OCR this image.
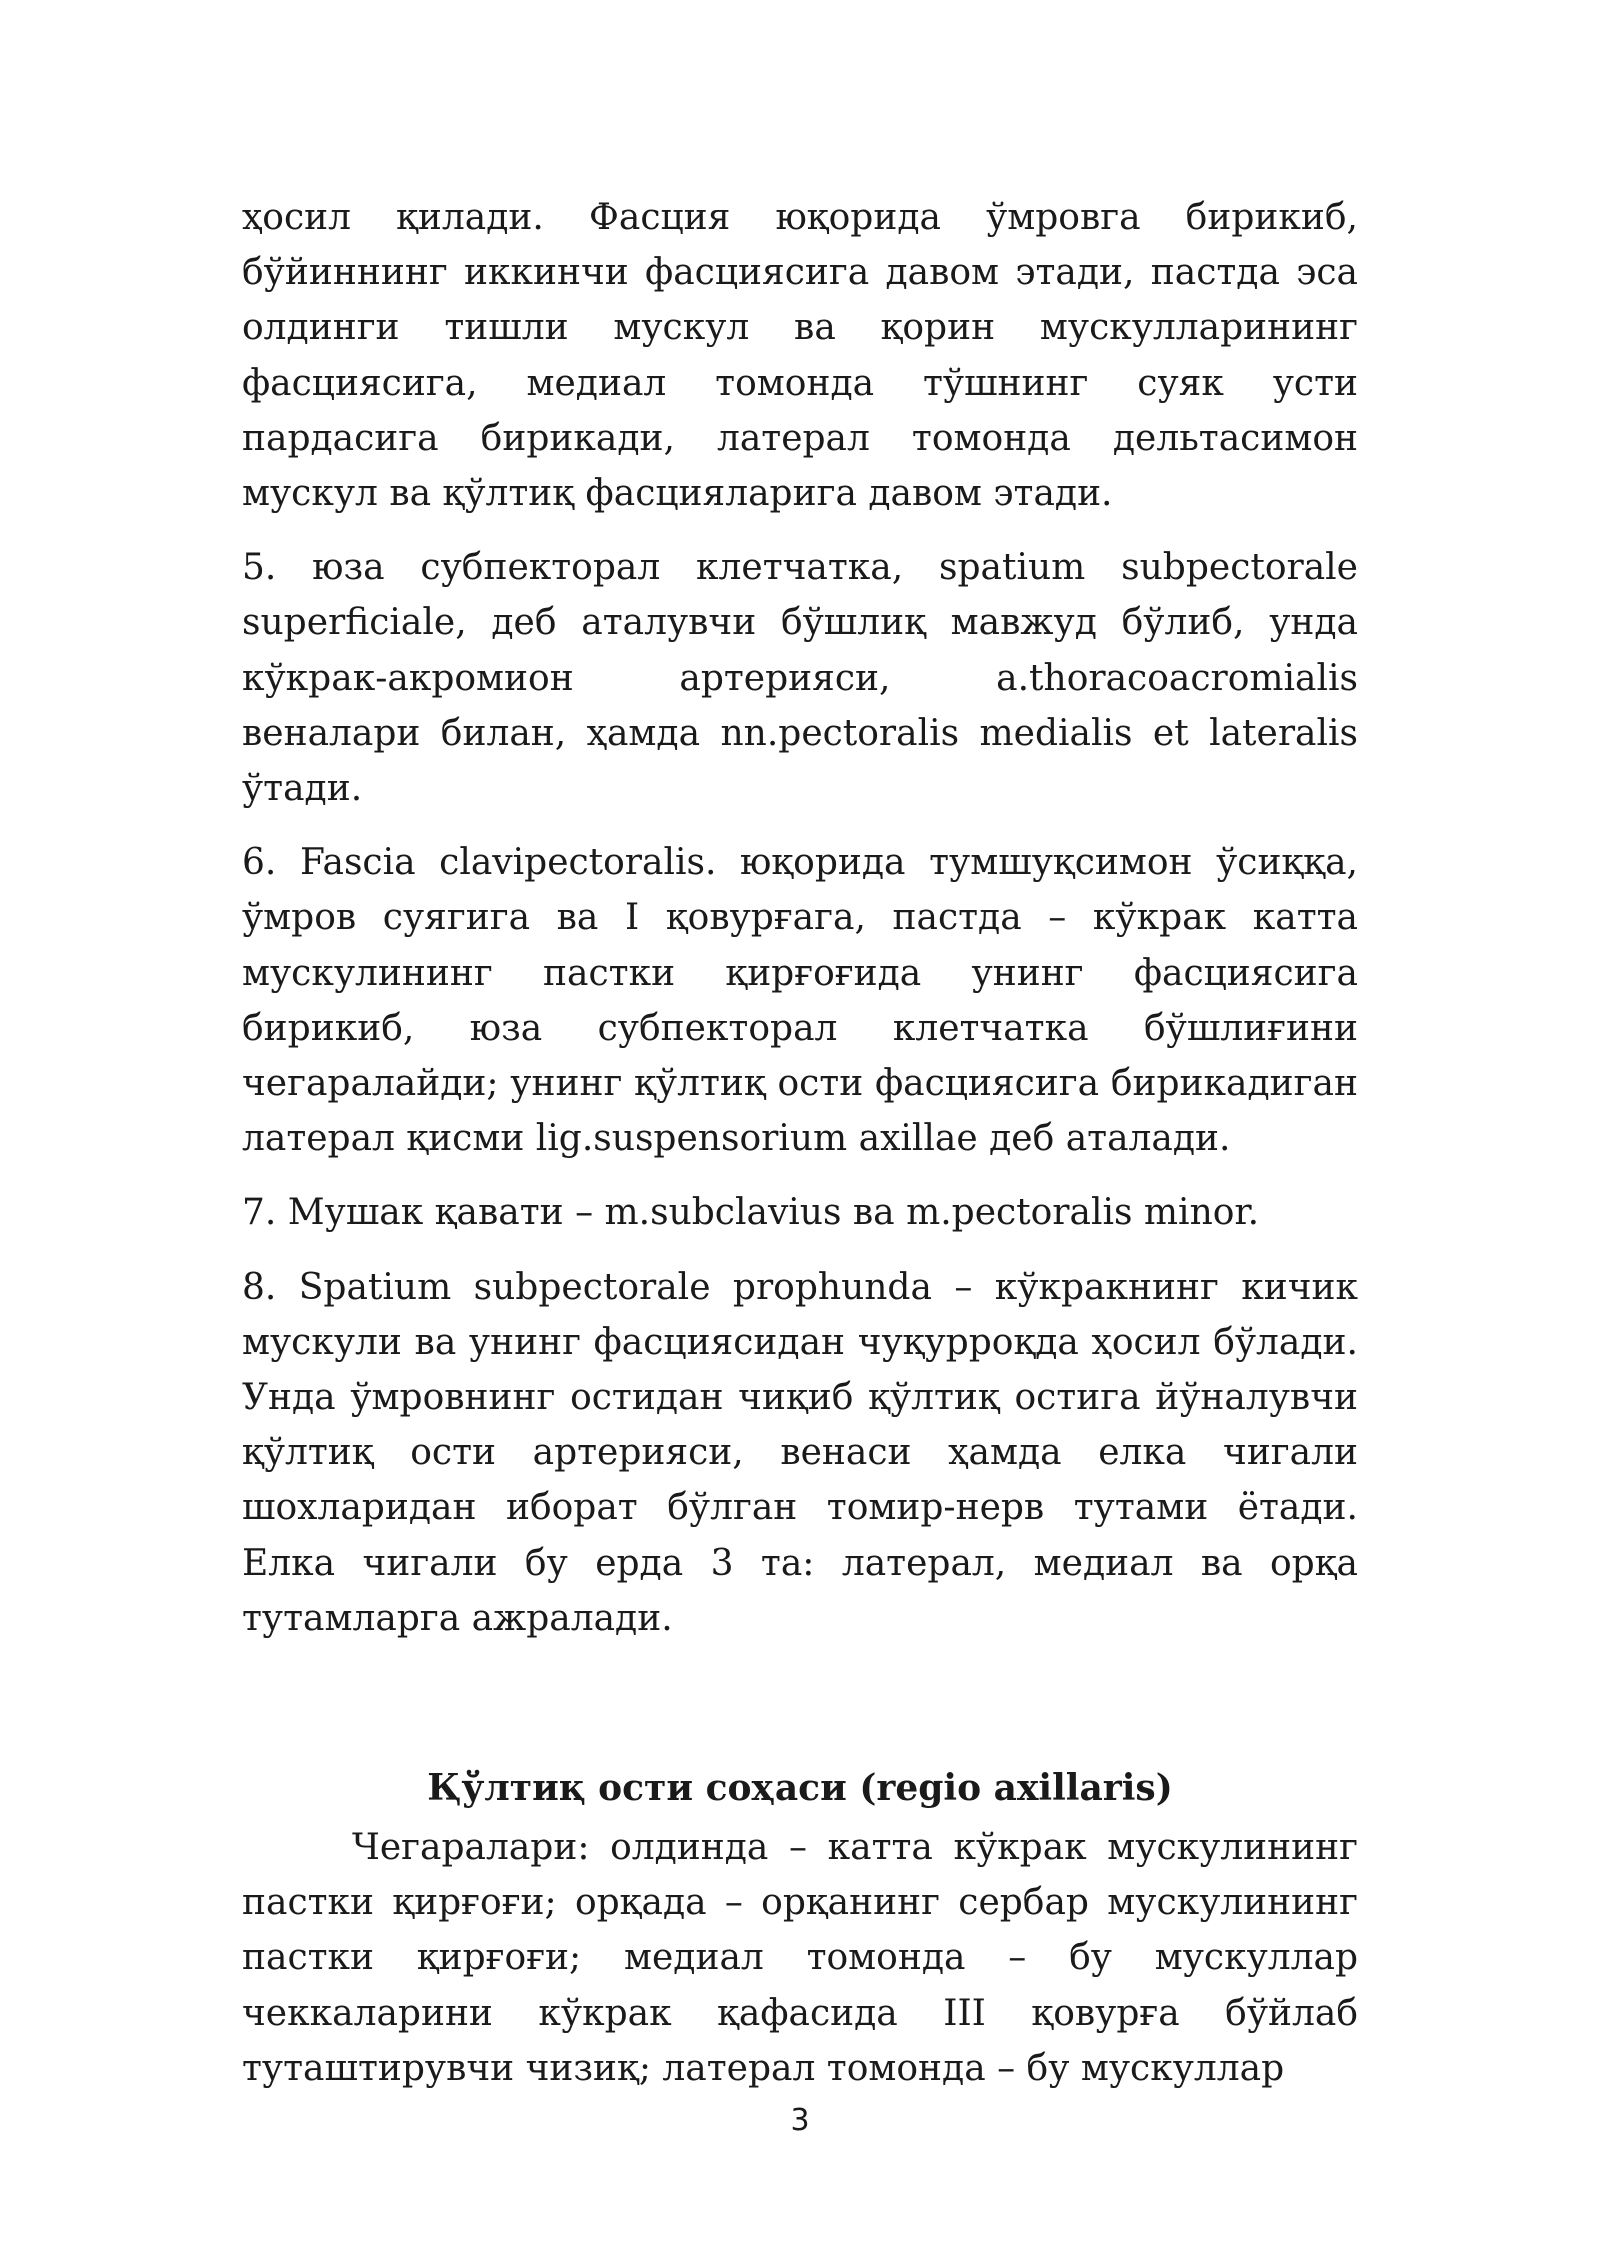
ҳосил қилади. Фасция юқорида ўмровга бирикиб, бўйиннинг иккинчи фасциясига давом этади, пастда эса олдинги тишли мускул ва қорин мускулларининг фасциясига, медиал томонда тўшнинг суяк усти пардасига бирикади, латерал томонда дельтасимон мускул ва қўлтиқ фасцияларига давом этади.

5. юза субпекторал клетчатка, spatium subpectorale superficiale, деб аталувчи бўшлиқ мавжуд бўлиб, унда кўкрак-акромион артерияси, a.thoracoacromialis веналари билан, ҳамда nn.pectoralis medialis et lateralis ўтади.

6. Fascia clavipectoralis. юқорида тумшуқсимон ўсиққа, ўмров суягига ва I қовурғага, пастда – кўкрак катта мускулининг пастки қирғоғида унинг фасциясига бирикиб, юза субпекторал клетчатка бўшлиғини чегаралайди; унинг қўлтиқ ости фасциясига бирикадиган латерал қисми lig.suspensorium axillae деб аталади.

7. Мушак қавати – m.subclavius ва m.pectoralis minor.

8. Spatium subpectorale prophunda – кўкракнинг кичик мускули ва унинг фасциясидан чуқурроқда ҳосил бўлади. Унда ўмровнинг остидан чиқиб қўлтиқ остига йўналувчи қўлтиқ ости артерияси, венаси ҳамда елка чигали шохларидан иборат бўлган томир-нерв тутами ётади. Елка чигали бу ерда 3 та: латерал, медиал ва орқа тутамларга ажралади.

Қўлтиқ ости соҳаси (regio axillaris)

Чегаралари: олдинда – катта кўкрак мускулининг пастки қирғоғи; орқада – орқанинг сербар мускулининг пастки қирғоғи; медиал томонда – бу мускуллар чеккаларини кўкрак қафасида III қовурға бўйлаб туташтирувчи чизиқ; латерал томонда – бу мускуллар

3
